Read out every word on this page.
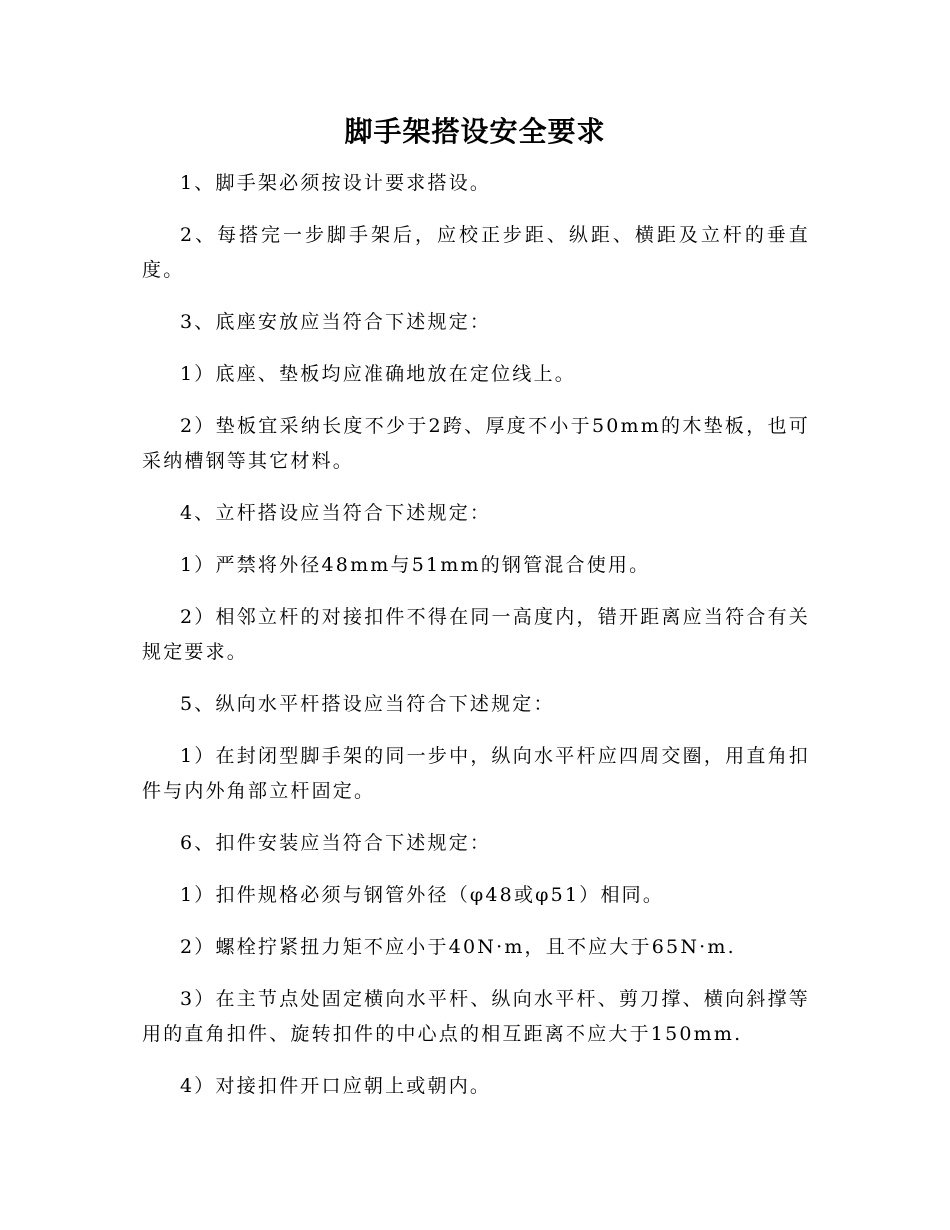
脚手架搭设安全要求

1、脚手架必须按设计要求搭设。

2、每搭完一步脚手架后，应校正步距、纵距、横距及立杆的垂直度。

3、底座安放应当符合下述规定：

1）底座、垫板均应准确地放在定位线上。

2）垫板宜采纳长度不少于2跨、厚度不小于50mm的木垫板，也可采纳槽钢等其它材料。

4、立杆搭设应当符合下述规定：

1）严禁将外径48mm与51mm的钢管混合使用。

2）相邻立杆的对接扣件不得在同一高度内，错开距离应当符合有关规定要求。

5、纵向水平杆搭设应当符合下述规定：

1）在封闭型脚手架的同一步中，纵向水平杆应四周交圈，用直角扣件与内外角部立杆固定。

6、扣件安装应当符合下述规定：

1）扣件规格必须与钢管外径（φ48或φ51）相同。

2）螺栓拧紧扭力矩不应小于40N·m，且不应大于65N·m.

3）在主节点处固定横向水平杆、纵向水平杆、剪刀撑、横向斜撑等用的直角扣件、旋转扣件的中心点的相互距离不应大于150mm.

4）对接扣件开口应朝上或朝内。
